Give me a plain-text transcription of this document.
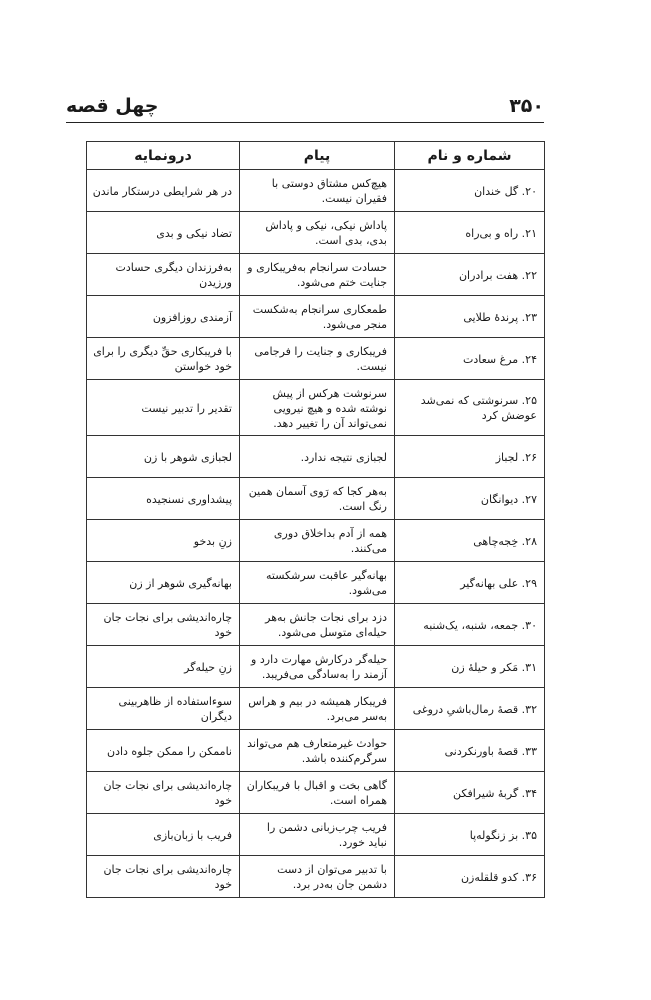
۳۵۰
چهل قصه
شماره و نام	پیام	درونمایه
۲۰. گل خندان	هیچ‌کس مشتاق دوستی با فقیران نیست.	در هر شرایطی درستکار ماندن
۲۱. راه و بی‌راه	پاداش نیکی، نیکی و پاداش بدی، بدی است.	تضاد نیکی و بدی
۲۲. هفت برادران	حسادت سرانجام به‌فریبکاری و جنایت ختم می‌شود.	به‌فرزندان دیگری حسادت ورزیدن
۲۳. پرندهٔ طلایی	طمعکاری سرانجام به‌شکست منجر می‌شود.	آزمندی روزافزون
۲۴. مرغ سعادت	فریبکاری و جنایت را فرجامی نیست.	با فریبکاری حقِّ دیگری را برای خود خواستن
۲۵. سرنوشتی که نمی‌شد عوضش کرد	سرنوشت هرکس از پیش نوشته شده و هیچ نیرویی نمی‌تواند آن را تغییر دهد.	تقدیر را تدبیر نیست
۲۶. لجباز	لجبازی نتیجه ندارد.	لجبازی شوهر با زن
۲۷. دیوانگان	به‌هر کجا که رَوی آسمان همین رنگ است.	پیشداوری نسنجیده
۲۸. خِجه‌چاهی	همه از آدم بداخلاق دوری می‌کنند.	زنِ بدخو
۲۹. علی بهانه‌گیر	بهانه‌گیر عاقبت سرشکسته می‌شود.	بهانه‌گیری شوهر از زن
۳۰. جمعه، شنبه، یک‌شنبه	دزد برای نجات جانش به‌هر حیله‌ای متوسل می‌شود.	چاره‌اندیشی برای نجات جان خود
۳۱. مَکر و حیلهٔ زن	حیله‌گر درکارش مهارت دارد و آزمند را به‌سادگی می‌فریبد.	زنِ حیله‌گر
۳۲. قصهٔ رمال‌باشیِ دروغی	فریبکار همیشه در بیم و هراس به‌سر می‌برد.	سوءاستفاده از ظاهربینی دیگران
۳۳. قصهٔ باورنکردنی	حوادث غیرمتعارف هم می‌تواند سرگرم‌کننده باشد.	ناممکن را ممکن جلوه دادن
۳۴. گربهٔ شیرافکن	گاهی بخت و اقبال با فریبکاران همراه است.	چاره‌اندیشی برای نجات جان خود
۳۵. بز زنگوله‌پا	فریب چرب‌زبانی دشمن را نباید خورد.	فریب با زبان‌بازی
۳۶. کدو قلقله‌زن	با تدبیر می‌توان از دست دشمن جان به‌در برد.	چاره‌اندیشی برای نجات جان خود
